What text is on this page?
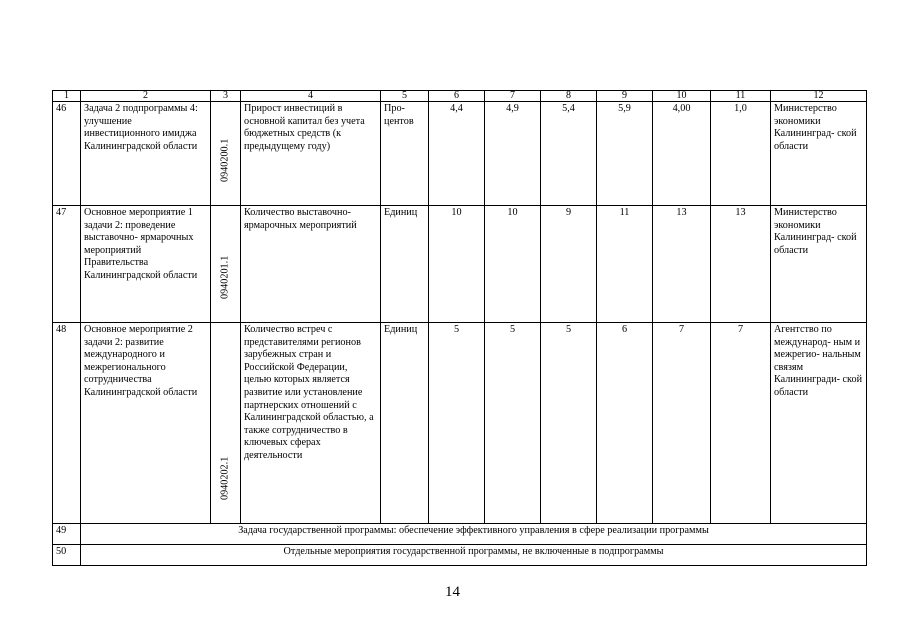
1	2	3	4	5	6	7	8	9	10	11	12
46	Задача 2 подпрограммы 4: улучшение инвестиционного имиджа Калининградской области	0940200.1	Прирост инвестиций в основной капитал без учета бюджетных средств (к предыдущему году)	Про- центов	4,4	4,9	5,4	5,9	4,00	1,0	Министерство экономики Калининград- ской области
47	Основное мероприятие 1 задачи 2: проведение выставочно- ярмарочных мероприятий Правительства Калининградской области	0940201.1	Количество выставочно- ярмарочных мероприятий	Единиц	10	10	9	11	13	13	Министерство экономики Калининград- ской области
48	Основное мероприятие 2 задачи 2: развитие международного и межрегионального сотрудничества Калининградской области	0940202.1	Количество встреч с представителями регионов зарубежных стран и Российской Федерации, целью которых является развитие или установление партнерских отношений с Калининградской областью, а также сотрудничество в ключевых сферах деятельности	Единиц	5	5	5	6	7	7	Агентство по международ- ным и межрегио- нальным связям Калинингради- ской области
49	Задача государственной программы: обеспечение эффективного управления в сфере реализации программы										
50	Отдельные мероприятия государственной программы, не включенные в подпрограммы										
14
